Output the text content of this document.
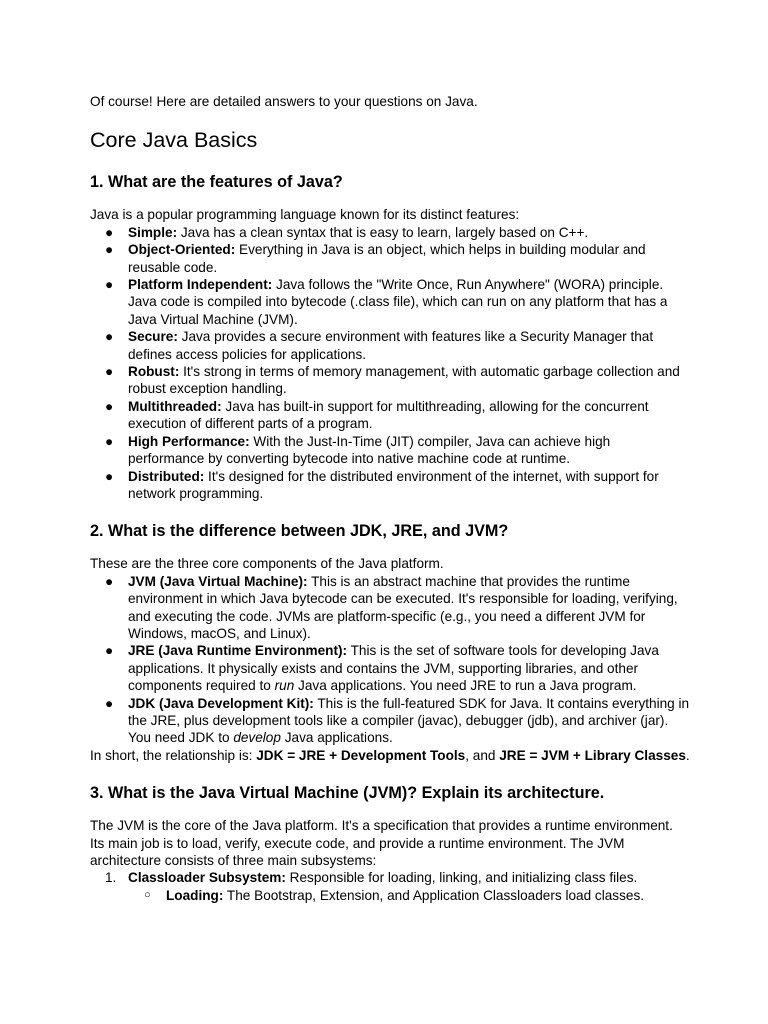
Of course! Here are detailed answers to your questions on Java.

Core Java Basics
1. What are the features of Java?

Java is a popular programming language known for its distinct features:

● Simple: Java has a clean syntax that is easy to learn, largely based on C++.
● Object-Oriented: Everything in Java is an object, which helps in building modular and reusable code.
● Platform Independent: Java follows the "Write Once, Run Anywhere" (WORA) principle. Java code is compiled into bytecode (.class file), which can run on any platform that has a Java Virtual Machine (JVM).
● Secure: Java provides a secure environment with features like a Security Manager that defines access policies for applications.
● Robust: It's strong in terms of memory management, with automatic garbage collection and robust exception handling.
● Multithreaded: Java has built-in support for multithreading, allowing for the concurrent execution of different parts of a program.
● High Performance: With the Just-In-Time (JIT) compiler, Java can achieve high performance by converting bytecode into native machine code at runtime.
● Distributed: It's designed for the distributed environment of the internet, with support for network programming.
2. What is the difference between JDK, JRE, and JVM?

These are the three core components of the Java platform.

● JVM (Java Virtual Machine): This is an abstract machine that provides the runtime environment in which Java bytecode can be executed. It's responsible for loading, verifying, and executing the code. JVMs are platform-specific (e.g., you need a different JVM for Windows, macOS, and Linux).
● JRE (Java Runtime Environment): This is the set of software tools for developing Java applications. It physically exists and contains the JVM, supporting libraries, and other components required to run Java applications. You need JRE to run a Java program.
● JDK (Java Development Kit): This is the full-featured SDK for Java. It contains everything in the JRE, plus development tools like a compiler (javac), debugger (jdb), and archiver (jar). You need JDK to develop Java applications.

In short, the relationship is: JDK = JRE + Development Tools, and JRE = JVM + Library Classes.

3. What is the Java Virtual Machine (JVM)? Explain its architecture.

The JVM is the core of the Java platform. It's a specification that provides a runtime environment. Its main job is to load, verify, execute code, and provide a runtime environment. The JVM architecture consists of three main subsystems:

1. Classloader Subsystem: Responsible for loading, linking, and initializing class files.
○ Loading: The Bootstrap, Extension, and Application Classloaders load classes.
